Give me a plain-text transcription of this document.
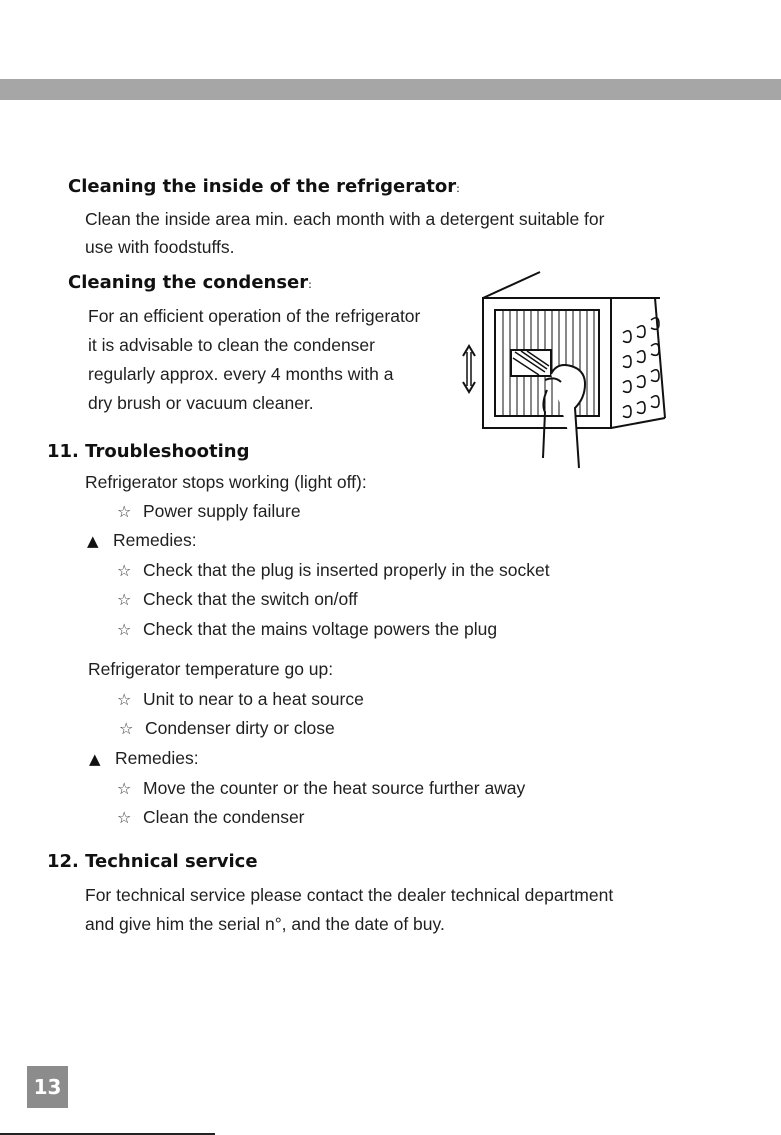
Cleaning the inside of the refrigerator:
Clean the inside area min. each month with a detergent suitable for
use with foodstuffs.
Cleaning the condenser:
For an efficient operation of the refrigerator
it is advisable to clean the condenser
regularly approx. every 4 months with a
dry brush or vacuum cleaner.
11. Troubleshooting
Refrigerator stops working (light off):
☆ Power supply failure
▲ Remedies:
☆ Check that the plug is inserted properly in the socket
☆ Check that the switch on/off
☆ Check that the mains voltage powers the plug
Refrigerator temperature go up:
☆ Unit to near to a heat source
☆ Condenser dirty or close
▲ Remedies:
☆ Move the counter or the heat source further away
☆ Clean the condenser
12. Technical service
For technical service please contact the dealer technical department
and give him the serial n°, and the date of buy.
13
